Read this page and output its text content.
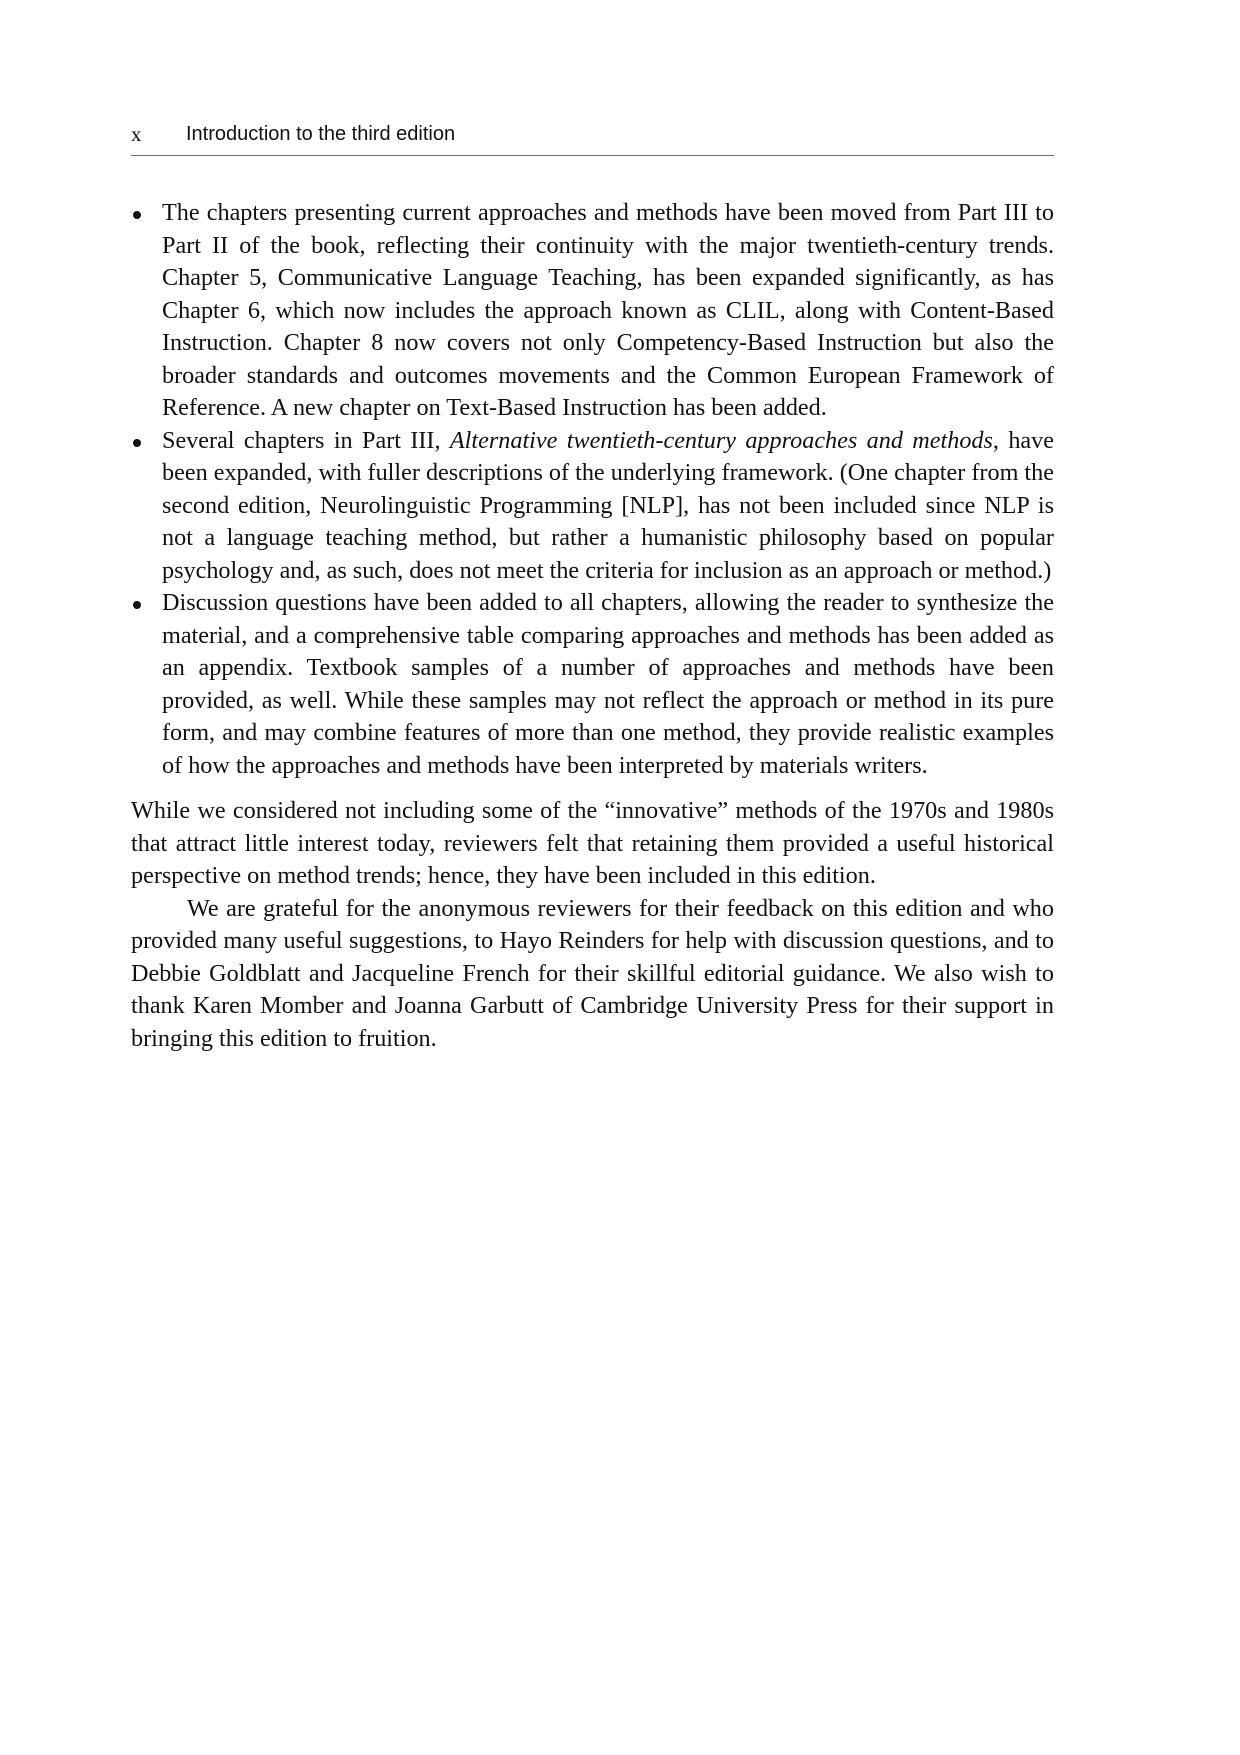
x Introduction to the third edition
The chapters presenting current approaches and methods have been moved from Part III to Part II of the book, reflecting their continuity with the major twentieth-century trends. Chapter 5, Communicative Language Teaching, has been expanded significantly, as has Chapter 6, which now includes the approach known as CLIL, along with Content-Based Instruction. Chapter 8 now covers not only Competency-Based Instruction but also the broader standards and outcomes movements and the Common European Framework of Reference. A new chapter on Text-Based Instruction has been added.
Several chapters in Part III, Alternative twentieth-century approaches and methods, have been expanded, with fuller descriptions of the underlying framework. (One chapter from the second edition, Neurolinguistic Programming [NLP], has not been included since NLP is not a language teaching method, but rather a humanistic philosophy based on popular psychology and, as such, does not meet the criteria for inclusion as an approach or method.)
Discussion questions have been added to all chapters, allowing the reader to synthesize the material, and a comprehensive table comparing approaches and methods has been added as an appendix. Textbook samples of a number of approaches and methods have been provided, as well. While these samples may not reflect the approach or method in its pure form, and may combine features of more than one method, they provide realistic examples of how the approaches and methods have been interpreted by materials writers.

While we considered not including some of the “innovative” methods of the 1970s and 1980s that attract little interest today, reviewers felt that retaining them provided a useful historical perspective on method trends; hence, they have been included in this edition.

We are grateful for the anonymous reviewers for their feedback on this edition and who provided many useful suggestions, to Hayo Reinders for help with discussion questions, and to Debbie Goldblatt and Jacqueline French for their skillful editorial guidance. We also wish to thank Karen Momber and Joanna Garbutt of Cambridge University Press for their support in bringing this edition to fruition.
